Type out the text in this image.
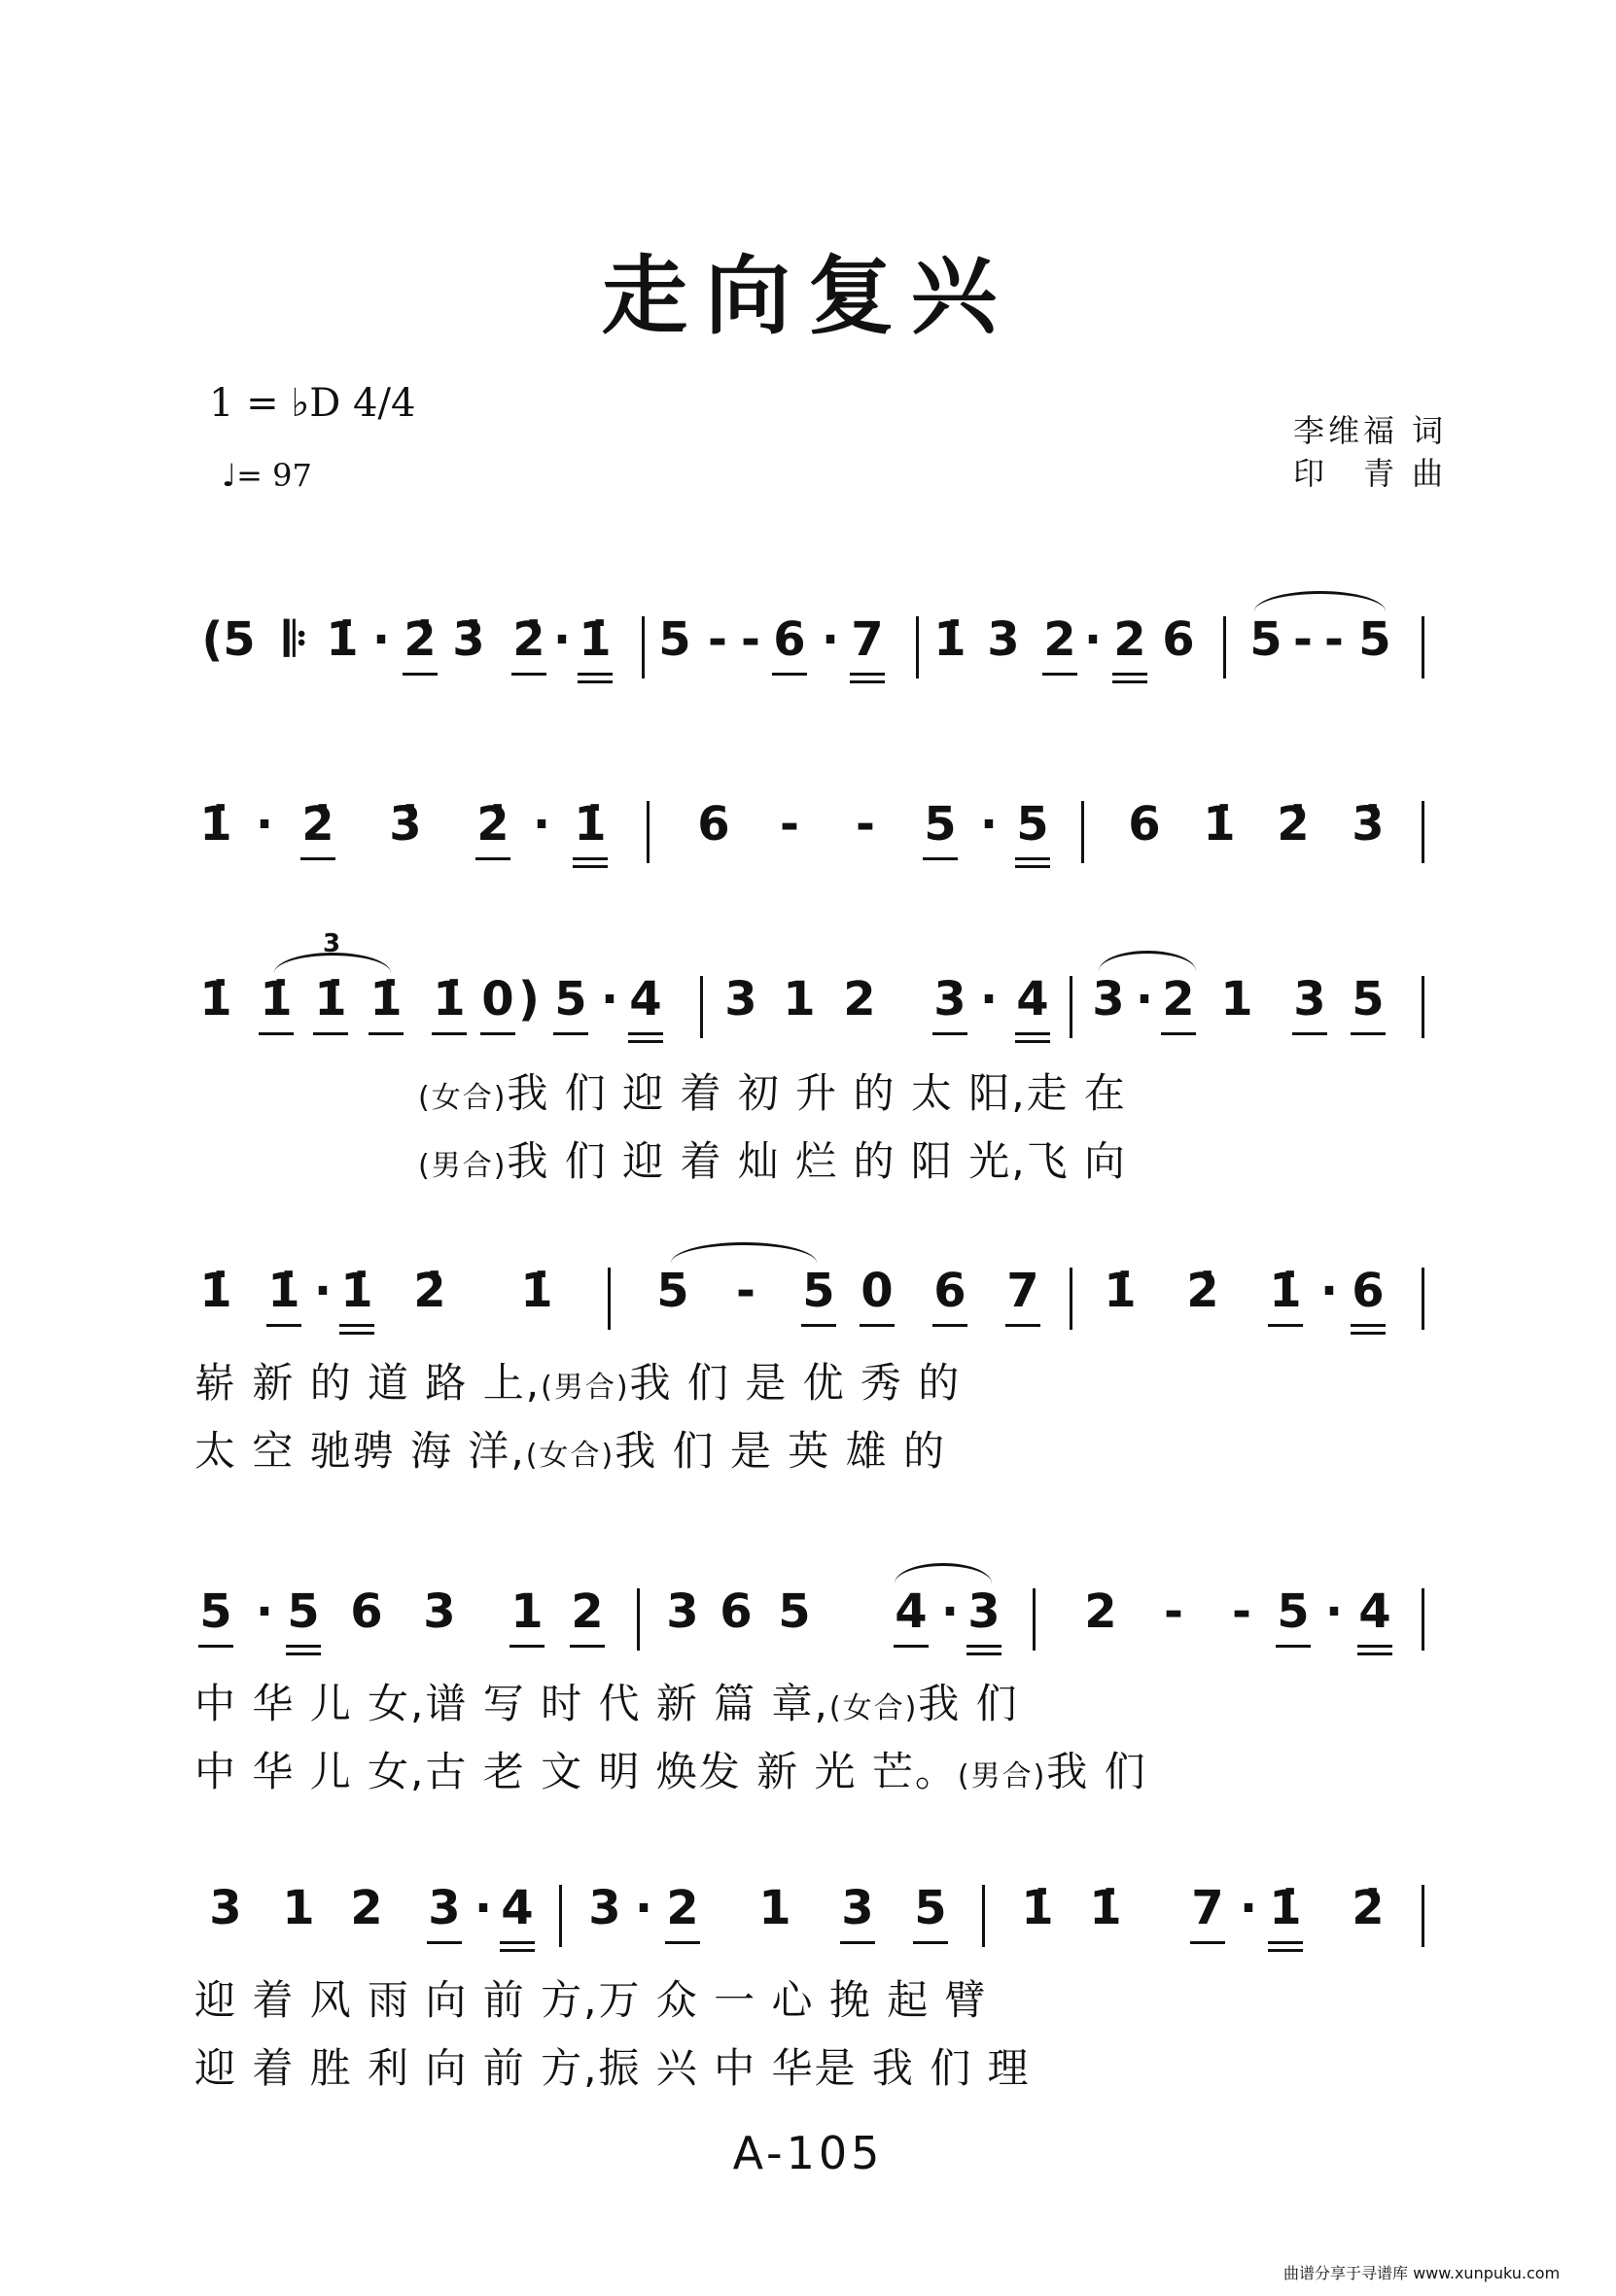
走向复兴
1 = ♭D 4/4
♩= 97
李维福 词
印　青 曲
(5 𝄆 1̇ · 2̇ 3̇ 2̇ · 1̇ 5 - - 6 · 7 1̇ 3 2 · 2 6 5 - - 5
1̇ · 2̇ 3̇ 2̇ · 1̇ 6 - - 5 · 5 6 1̇ 2̇ 3̇
3
1̇ 1̇ 1̇ 1̇ 1̇ 0 ) 5 · 4 3 1 2 3 · 4 3 · 2 1 3 5
(女合)我 们 迎 着 初 升 的 太 阳,走 在
(男合)我 们 迎 着 灿 烂 的 阳 光,飞 向
1̇ 1̇ · 1̇ 2̇ 1̇ 5 - 5 0 6 7 1̇ 2̇ 1̇ · 6
崭 新 的 道 路 上,(男合)我 们 是 优 秀 的
太 空 驰骋 海 洋,(女合)我 们 是 英 雄 的
5 · 5 6 3 1 2 3 6 5 4 · 3 2 - - 5 · 4
中 华 儿 女,谱 写 时 代 新 篇 章,(女合)我 们
中 华 儿 女,古 老 文 明 焕发 新 光 芒。(男合)我 们
3 1 2 3 · 4 3 · 2 1 3 5 1̇ 1̇ 7 · 1̇ 2̇
迎 着 风 雨 向 前 方,万 众 一 心 挽 起 臂
迎 着 胜 利 向 前 方,振 兴 中 华是 我 们 理
A-105
曲谱分享于寻谱库 www.xunpuku.com
